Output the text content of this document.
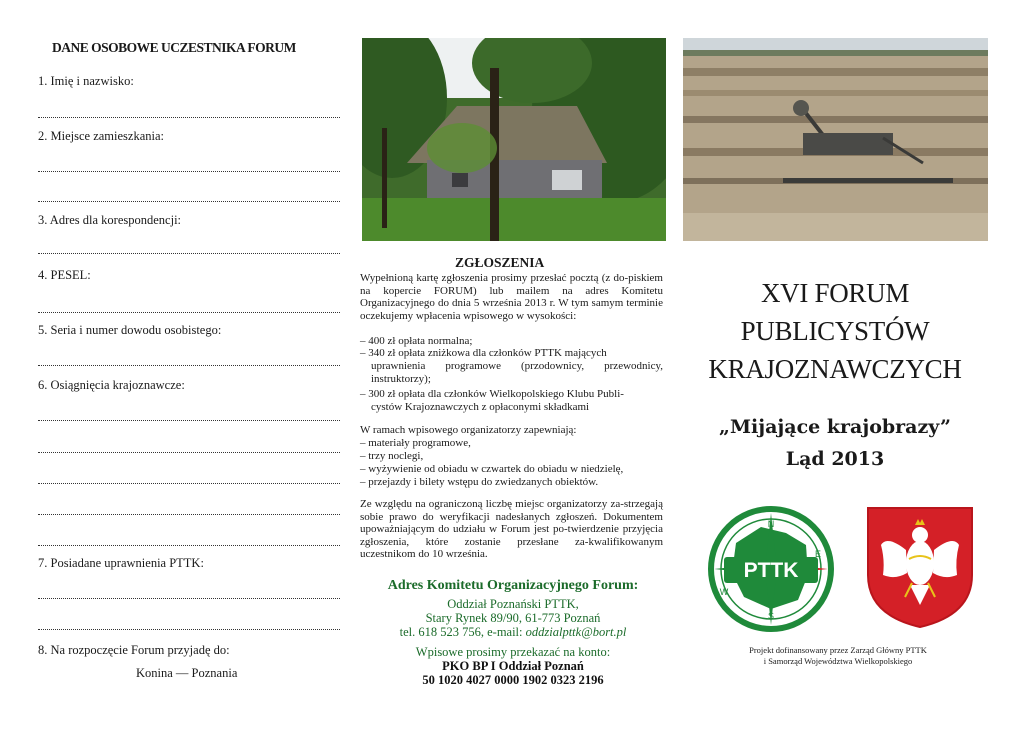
DANE OSOBOWE UCZESTNIKA FORUM
1. Imię i nazwisko:
2. Miejsce zamieszkania:
3. Adres dla korespondencji:
4. PESEL:
5. Seria i numer dowodu osobistego:
6. Osiągnięcia krajoznawcze:
7. Posiadane uprawnienia PTTK:
8. Na rozpoczęcie Forum przyjadę do:
Konina — Poznania
ZGŁOSZENIA
Wypełnioną kartę zgłoszenia prosimy przesłać pocztą (z do-piskiem na kopercie FORUM) lub mailem na adres Komitetu Organizacyjnego do dnia 5 września 2013 r. W tym samym terminie oczekujemy wpłacenia wpisowego w wysokości:
– 400 zł opłata normalna;
– 340 zł opłata zniżkowa dla członków PTTK mających
uprawnienia programowe (przodownicy, przewodnicy, instruktorzy);
– 300 zł opłata dla członków Wielkopolskiego Klubu Publi-
cystów Krajoznawczych z opłaconymi składkami
W ramach wpisowego organizatorzy zapewniają:
– materiały programowe,
– trzy noclegi,
– wyżywienie od obiadu w czwartek do obiadu w niedzielę,
– przejazdy i bilety wstępu do zwiedzanych obiektów.
Ze względu na ograniczoną liczbę miejsc organizatorzy za-strzegają sobie prawo do weryfikacji nadesłanych zgłoszeń. Dokumentem upoważniającym do udziału w Forum jest po-twierdzenie przyjęcia zgłoszenia, które zostanie przesłane za-kwalifikowanym uczestnikom do 10 września.
Adres Komitetu Organizacyjnego Forum:
Oddział Poznański PTTK,
Stary Rynek 89/90, 61-773 Poznań
tel. 618 523 756, e-mail: oddzialpttk@bort.pl
Wpisowe prosimy przekazać na konto:
PKO BP I Oddział Poznań
50 1020 4027 0000 1902 0323 2196
XVI FORUM
PUBLICYSTÓW
KRAJOZNAWCZYCH
„Mijające krajobrazy”
Ląd 2013
PTTK
N
E
S
W
Projekt dofinansowany przez Zarząd Główny PTTK
i Samorząd Województwa Wielkopolskiego
